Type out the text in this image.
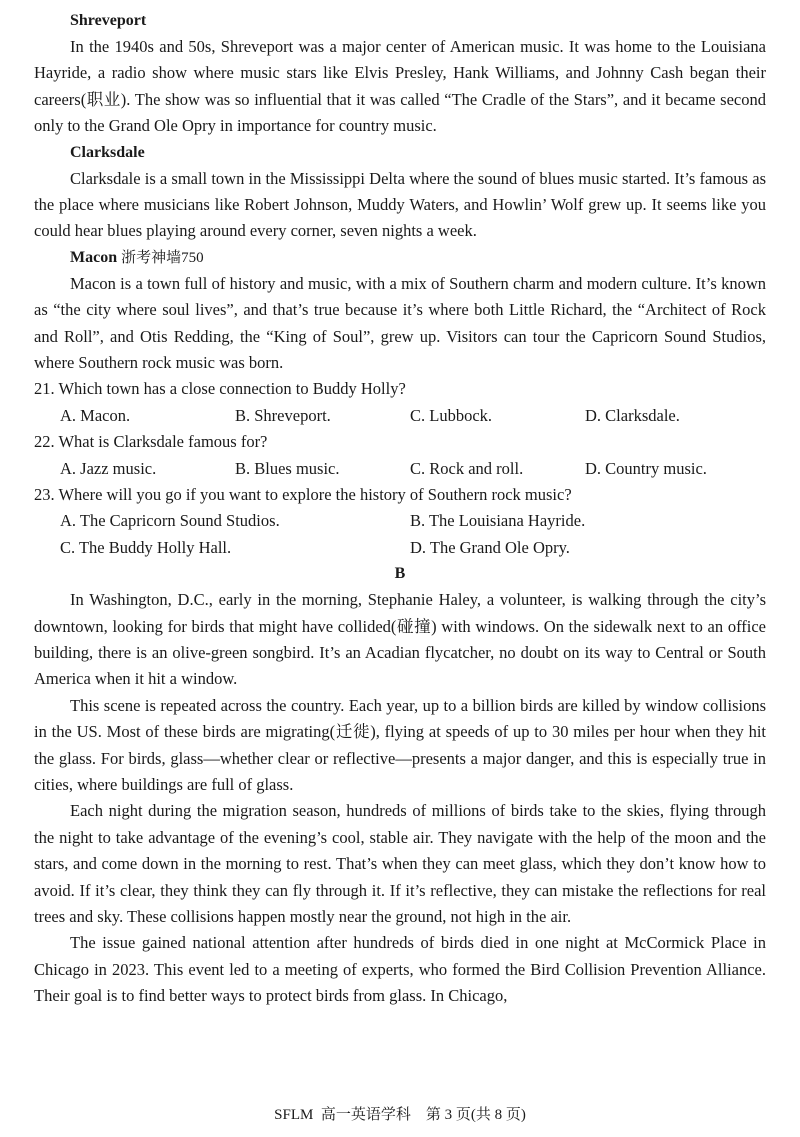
Shreveport

In the 1940s and 50s, Shreveport was a major center of American music. It was home to the Louisiana Hayride, a radio show where music stars like Elvis Presley, Hank Williams, and Johnny Cash began their careers(职业). The show was so influential that it was called “The Cradle of the Stars”, and it became second only to the Grand Ole Opry in importance for country music.

Clarksdale

Clarksdale is a small town in the Mississippi Delta where the sound of blues music started. It’s famous as the place where musicians like Robert Johnson, Muddy Waters, and Howlin’ Wolf grew up. It seems like you could hear blues playing around every corner, seven nights a week.

Macon 浙考神墙750

Macon is a town full of history and music, with a mix of Southern charm and modern culture. It’s known as “the city where soul lives”, and that’s true because it’s where both Little Richard, the “Architect of Rock and Roll”, and Otis Redding, the “King of Soul”, grew up. Visitors can tour the Capricorn Sound Studios, where Southern rock music was born.

21. Which town has a close connection to Buddy Holly?
A. Macon.	B. Shreveport.	C. Lubbock.	D. Clarksdale.
22. What is Clarksdale famous for?
A. Jazz music.	B. Blues music.	C. Rock and roll.	D. Country music.
23. Where will you go if you want to explore the history of Southern rock music?
A. The Capricorn Sound Studios.	B. The Louisiana Hayride.
C. The Buddy Holly Hall.	D. The Grand Ole Opry.
B

In Washington, D.C., early in the morning, Stephanie Haley, a volunteer, is walking through the city’s downtown, looking for birds that might have collided(碰撞) with windows. On the sidewalk next to an office building, there is an olive-green songbird. It’s an Acadian flycatcher, no doubt on its way to Central or South America when it hit a window.

This scene is repeated across the country. Each year, up to a billion birds are killed by window collisions in the US. Most of these birds are migrating(迁徙), flying at speeds of up to 30 miles per hour when they hit the glass. For birds, glass—whether clear or reflective—presents a major danger, and this is especially true in cities, where buildings are full of glass.

Each night during the migration season, hundreds of millions of birds take to the skies, flying through the night to take advantage of the evening’s cool, stable air. They navigate with the help of the moon and the stars, and come down in the morning to rest. That’s when they can meet glass, which they don’t know how to avoid. If it’s clear, they think they can fly through it. If it’s reflective, they can mistake the reflections for real trees and sky. These collisions happen mostly near the ground, not high in the air.

The issue gained national attention after hundreds of birds died in one night at McCormick Place in Chicago in 2023. This event led to a meeting of experts, who formed the Bird Collision Prevention Alliance. Their goal is to find better ways to protect birds from glass. In Chicago,

SFLM  高一英语学科    第 3 页(共 8 页)
